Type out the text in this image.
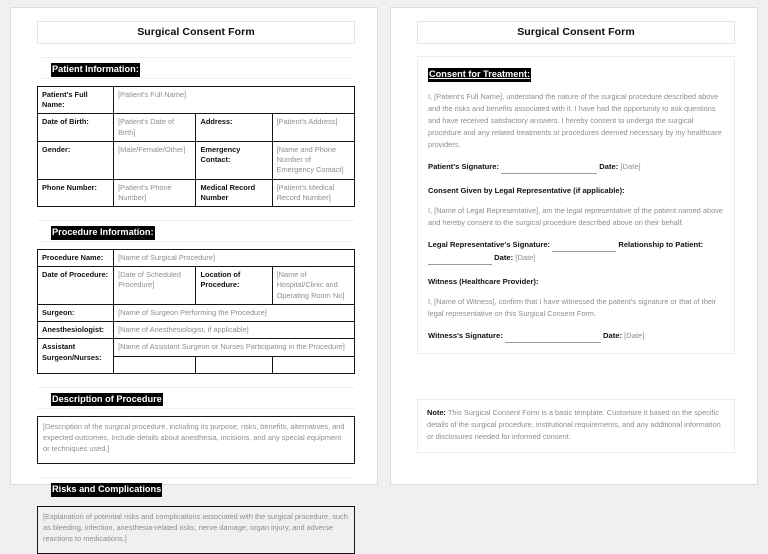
Surgical Consent Form
Patient Information:
Patient's Full Name:	[Patient's Full Name]		
Date of Birth:	[Patient's Date of Birth]	Address:	[Patient's Address]
Gender:	[Male/Female/Other]	Emergency Contact:	[Name and Phone Number of Emergency Contact]
Phone Number:	[Patient's Phone Number]	Medical Record Number	[Patient's Medical Record Number]
Procedure Information:
Procedure Name:	[Name of Surgical Procedure]		
Date of Procedure:	[Date of Scheduled Procedure]	Location of Procedure:	[Name of Hospital/Clinic and Operating Room No]
Surgeon:	[Name of Surgeon Performing the Procedure]		
Anesthesiologist:	[Name of Anesthesiologist, if applicable]		
Assistant Surgeon/Nurses:	[Name of Assistant Surgeon or Nurses Participating in the Procedure]		

Description of Procedure
[Description of the surgical procedure, including its purpose, risks, benefits, alternatives, and expected outcomes. Include details about anesthesia, incisions, and any special equipment or techniques used.]
Risks and Complications
[Explanation of potential risks and complications associated with the surgical procedure, such as bleeding, infection, anesthesia-related risks, nerve damage, organ injury, and adverse reactions to medications.]
Surgical Consent Form
Consent for Treatment:
I, [Patient's Full Name], understand the nature of the surgical procedure described above and the risks and benefits associated with it. I have had the opportunity to ask questions and have received satisfactory answers. I hereby consent to undergo the surgical procedure and any related treatments or procedures deemed necessary by my healthcare providers.
Patient's Signature:	Date: [Date]
Consent Given by Legal Representative (if applicable):
I, [Name of Legal Representative], am the legal representative of the patient named above and hereby consent to the surgical procedure described above on their behalf.
Legal Representative's Signature:	Relationship to Patient:  Date: [Date]
Witness (Healthcare Provider):
I, [Name of Witness], confirm that I have witnessed the patient's signature or that of their legal representative on this Surgical Consent Form.
Witness's Signature:	Date: [Date]
Note: This Surgical Consent Form is a basic template. Customize it based on the specific details of the surgical procedure, institutional requirements, and any additional information or disclosures needed for informed consent.
